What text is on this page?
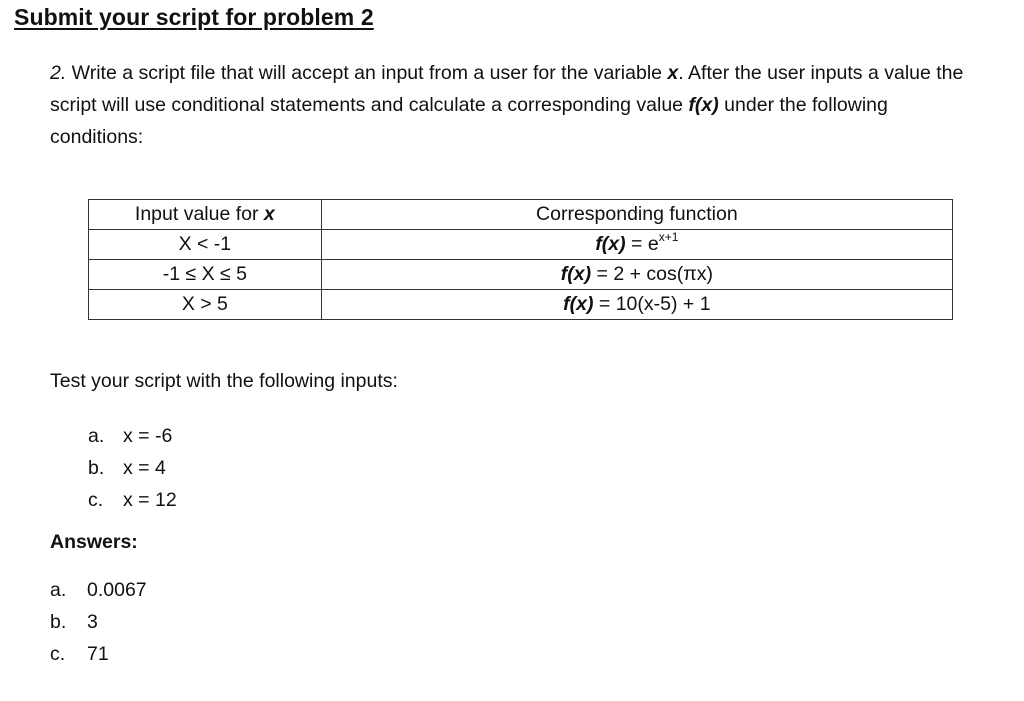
Submit your script for problem 2
2. Write a script file that will accept an input from a user for the variable x. After the user inputs a value the script will use conditional statements and calculate a corresponding value f(x) under the following conditions:
Input value for x	Corresponding function
X < -1	$f(x) = e^{x+1}$
-1 ≤ X ≤ 5	f(x) = 2 + cos(πx)
X > 5	f(x) = 10(x-5) + 1
Test your script with the following inputs:
a. x = -6
b. x = 4
c. x = 12
Answers:
a. 0.0067
b. 3
c. 71
